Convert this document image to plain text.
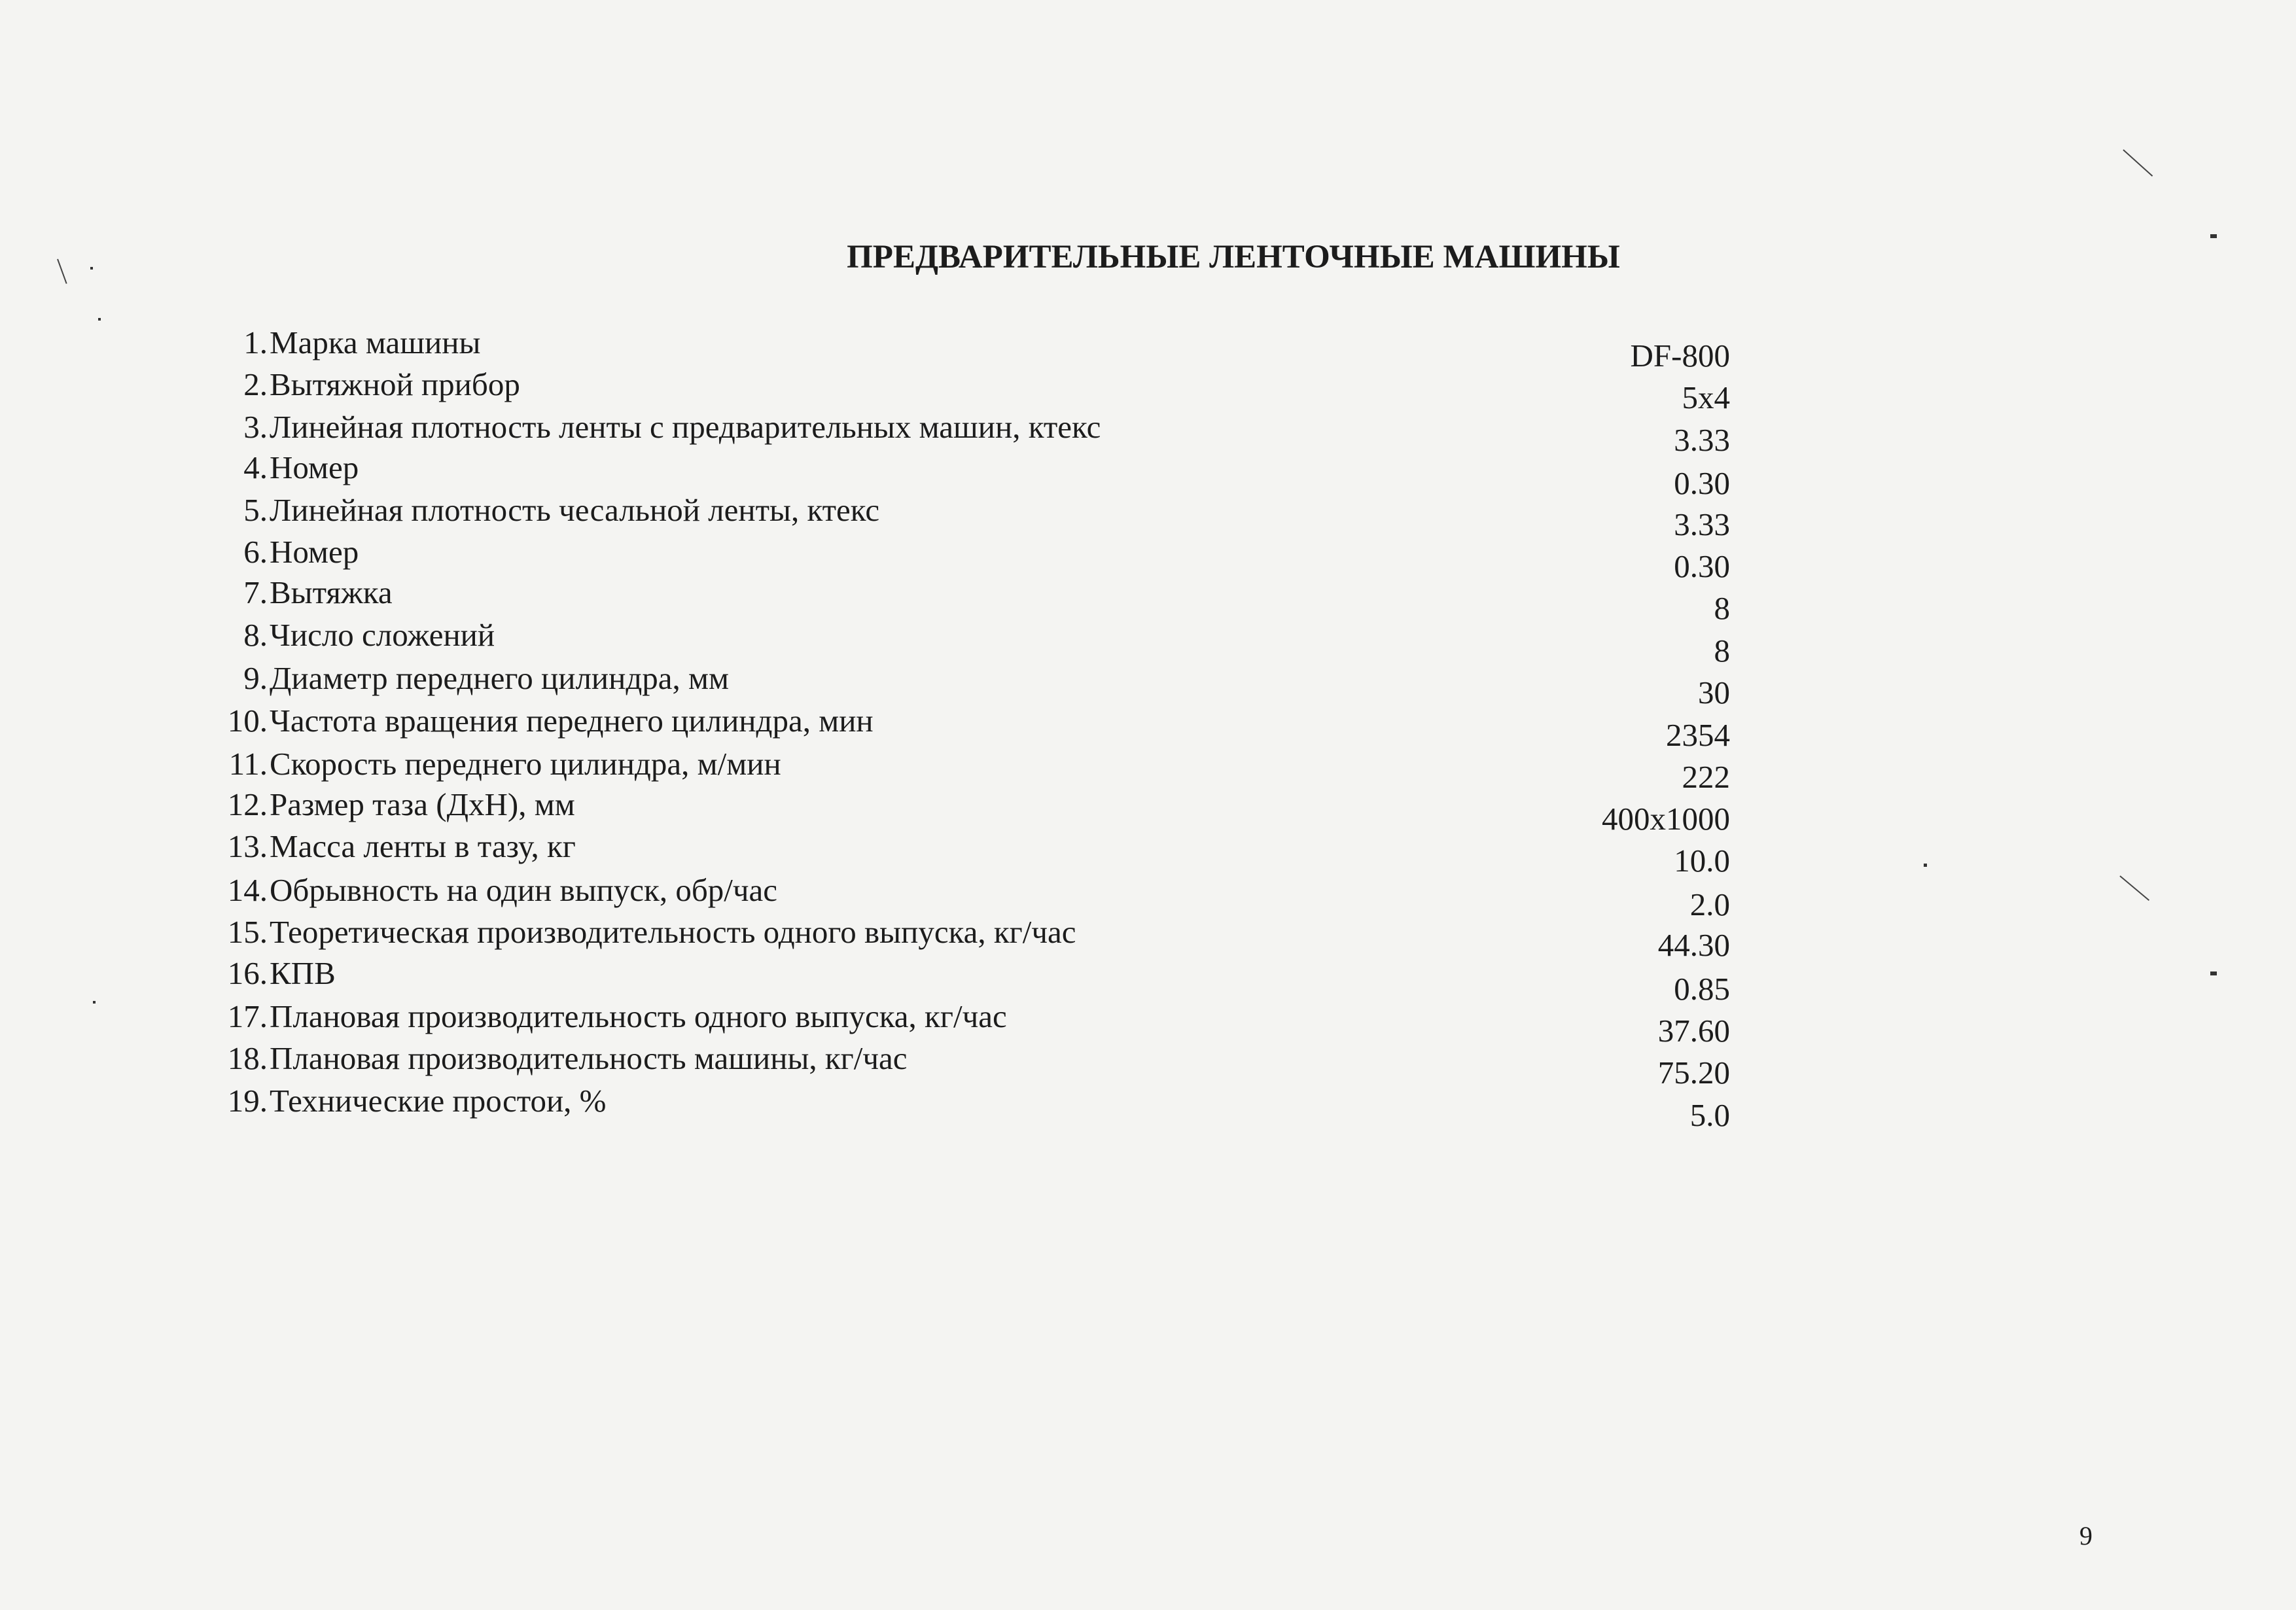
ПРЕДВАРИТЕЛЬНЫЕ ЛЕНТОЧНЫЕ МАШИНЫ
1. Марка машины	DF-800
2. Вытяжной прибор	5x4
3. Линейная плотность ленты с предварительных машин, ктекс	3.33
4. Номер	0.30
5. Линейная плотность чесальной ленты, ктекс	3.33
6. Номер	0.30
7. Вытяжка	8
8. Число сложений	8
9. Диаметр переднего цилиндра, мм	30
10. Частота вращения переднего цилиндра, мин	2354
11. Скорость переднего цилиндра, м/мин	222
12. Размер таза (ДxH), мм	400x1000
13. Масса ленты в тазу, кг	10.0
14. Обрывность на один выпуск, обр/час	2.0
15. Теоретическая производительность одного выпуска, кг/час	44.30
16. КПВ	0.85
17. Плановая производительность одного выпуска, кг/час	37.60
18. Плановая производительность машины, кг/час	75.20
19. Технические простои, %	5.0
9
